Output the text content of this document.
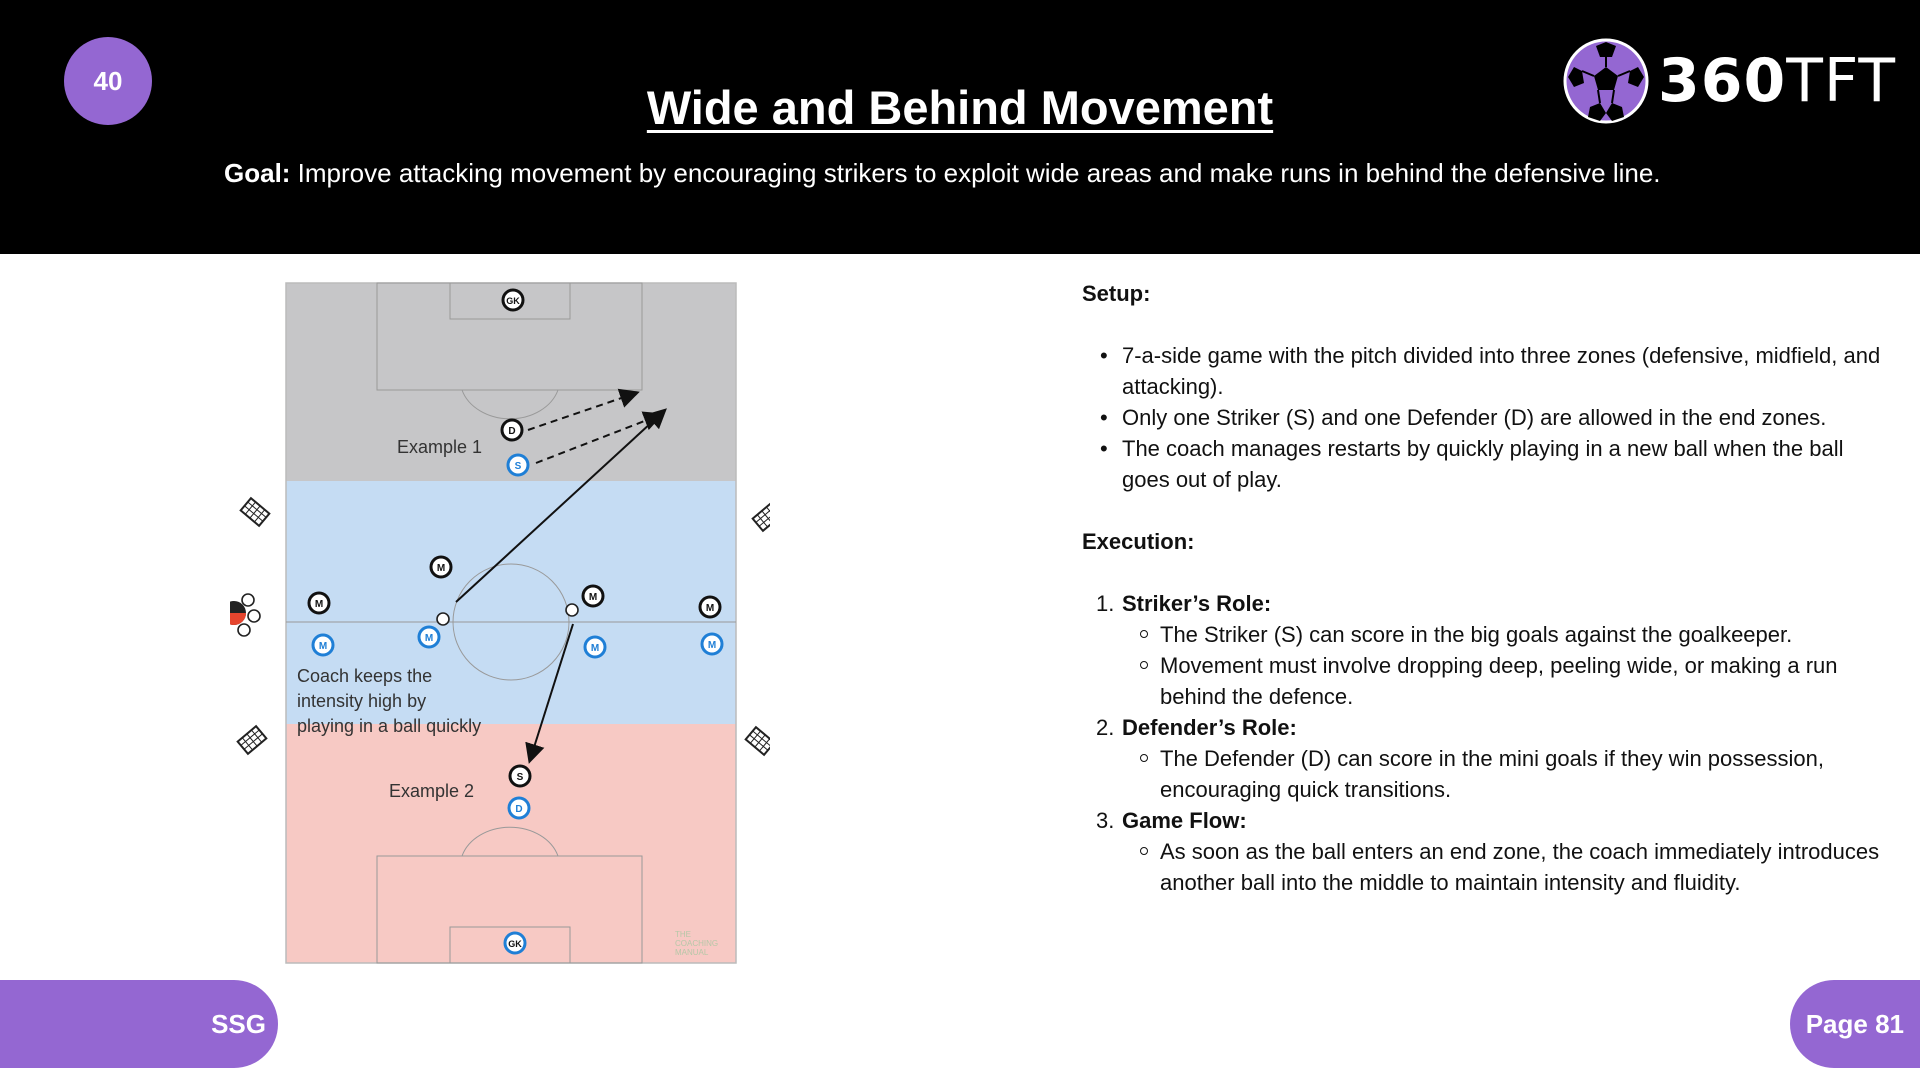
40
Wide and Behind Movement
Goal: Improve attacking movement by encouraging strikers to exploit wide areas and make runs in behind the defensive line.
360TFT
Example 1
Example 2
Coach keeps the
intensity high by
playing in a ball quickly
THE
COACHING
MANUAL
GK
D
M
M
M
M
S
S
M
M
M	M
D
GK
Setup:
• 7-a-side game with the pitch divided into three zones (defensive, midfield, and attacking).
• Only one Striker (S) and one Defender (D) are allowed in the end zones.
• The coach manages restarts by quickly playing in a new ball when the ball goes out of play.
Execution:
1. Striker’s Role:
The Striker (S) can score in the big goals against the goalkeeper.
Movement must involve dropping deep, peeling wide, or making a run behind the defence.
2. Defender’s Role:
The Defender (D) can score in the mini goals if they win possession, encouraging quick transitions.
3. Game Flow:
As soon as the ball enters an end zone, the coach immediately introduces another ball into the middle to maintain intensity and fluidity.
SSG	Page 81
